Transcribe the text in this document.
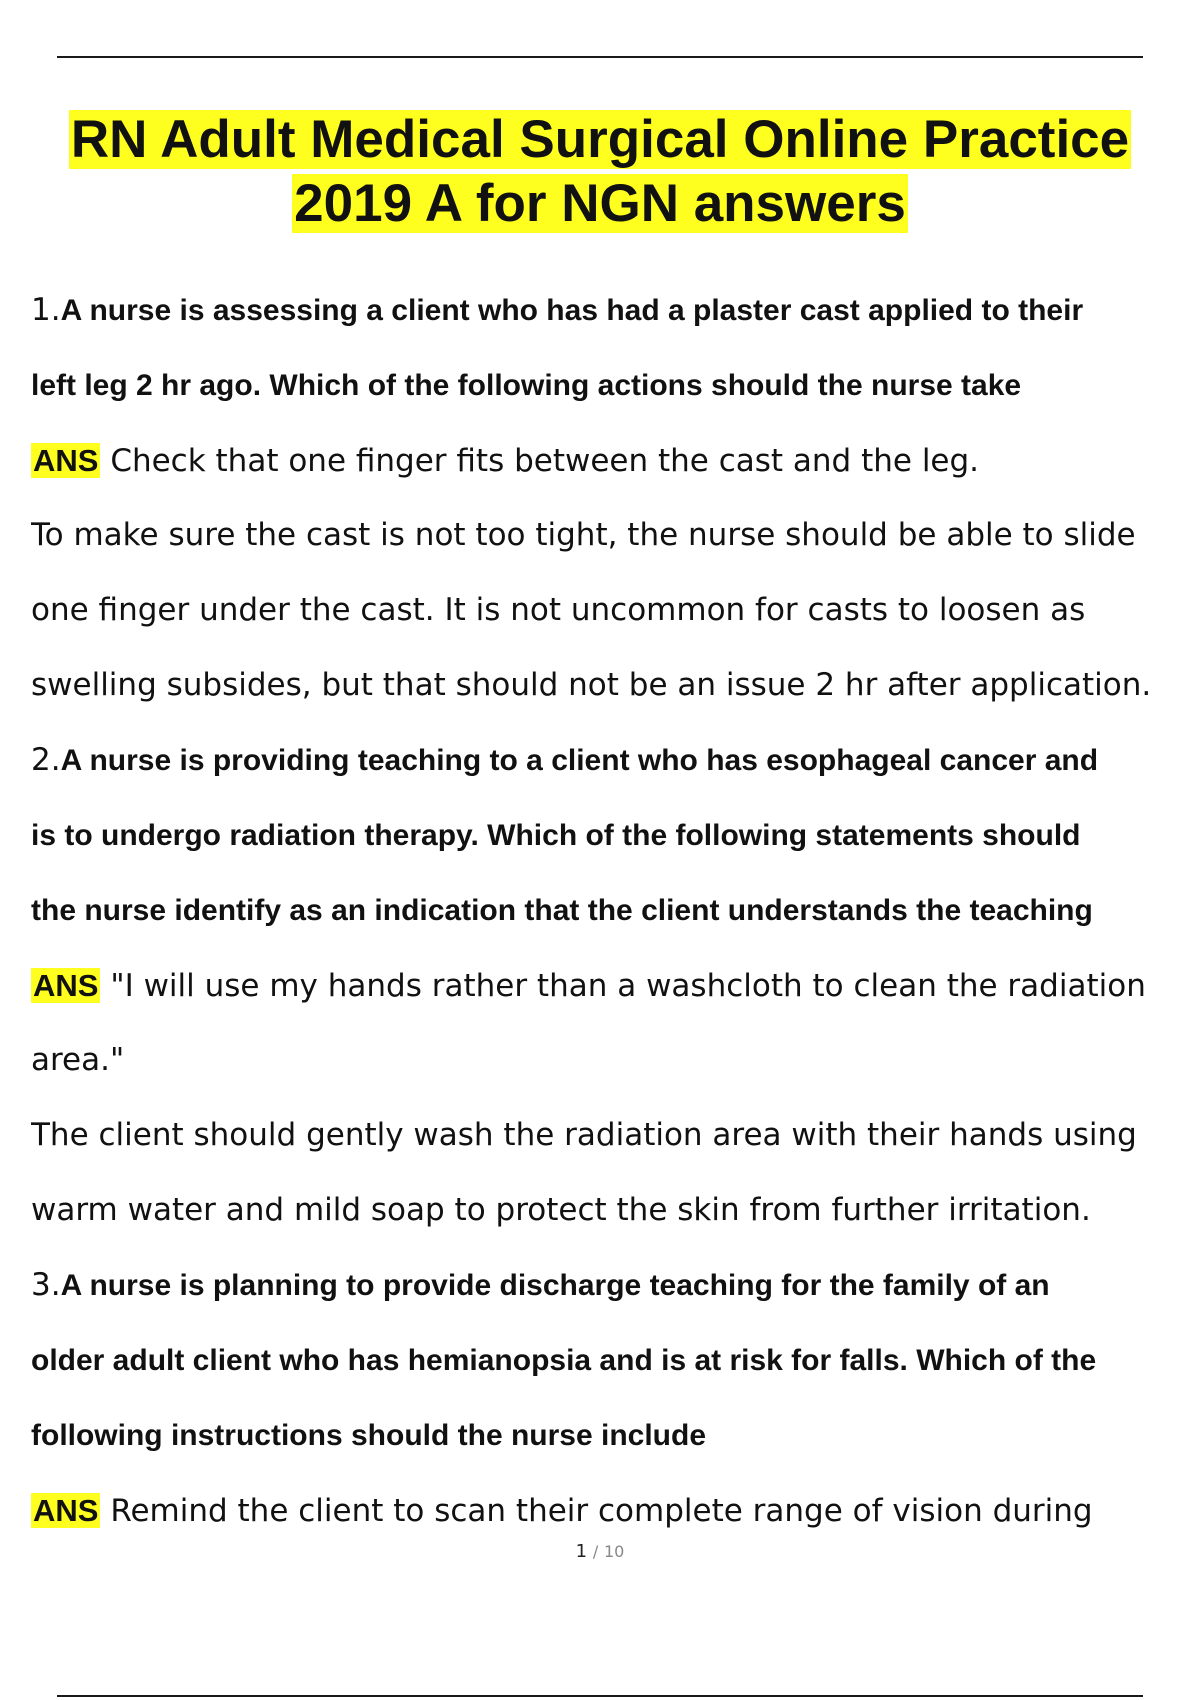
RN Adult Medical Surgical Online Practice
2019 A for NGN answers
1.A nurse is assessing a client who has had a plaster cast applied to their
left leg 2 hr ago. Which of the following actions should the nurse take
ANS Check that one finger fits between the cast and the leg.
To make sure the cast is not too tight, the nurse should be able to slide
one finger under the cast. It is not uncommon for casts to loosen as
swelling subsides, but that should not be an issue 2 hr after application.
2.A nurse is providing teaching to a client who has esophageal cancer and
is to undergo radiation therapy. Which of the following statements should
the nurse identify as an indication that the client understands the teaching
ANS "I will use my hands rather than a washcloth to clean the radiation
area."
The client should gently wash the radiation area with their hands using
warm water and mild soap to protect the skin from further irritation.
3.A nurse is planning to provide discharge teaching for the family of an
older adult client who has hemianopsia and is at risk for falls. Which of the
following instructions should the nurse include
ANS Remind the client to scan their complete range of vision during
1 / 10
